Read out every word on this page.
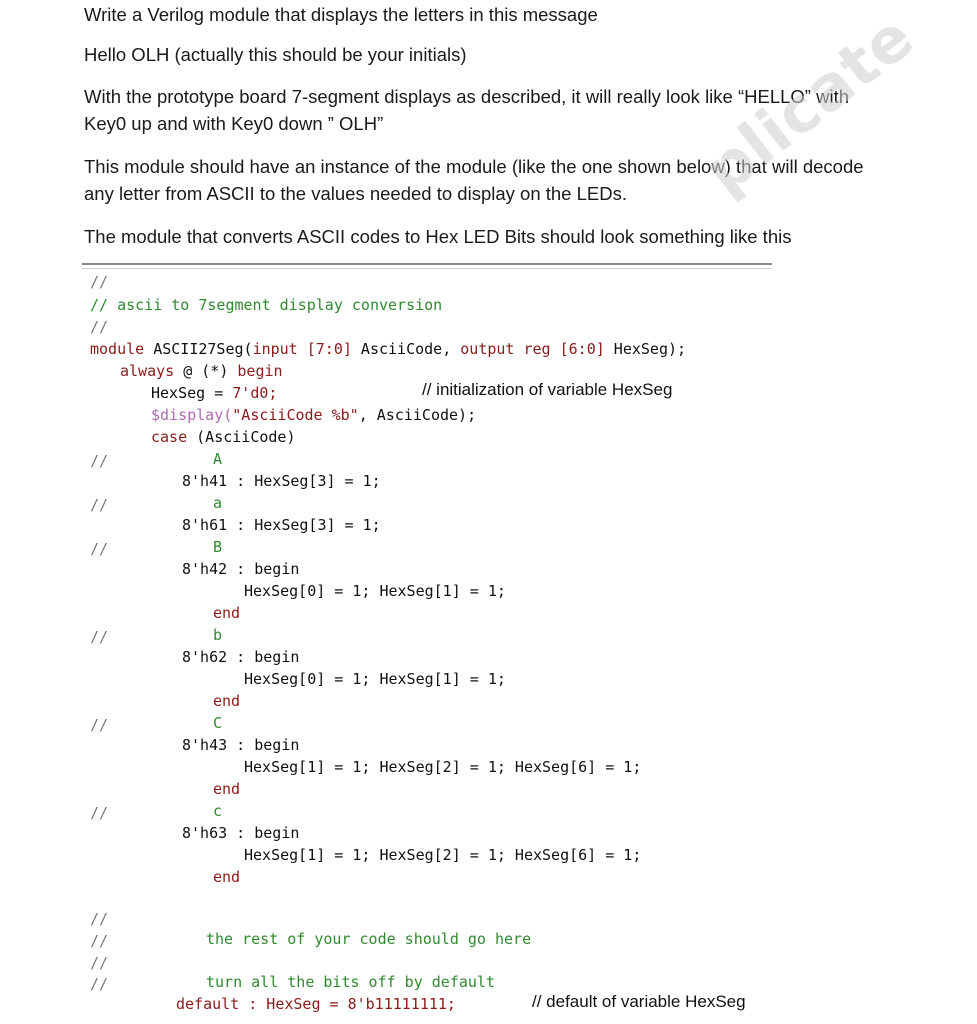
Write a Verilog module that displays the letters in this message

Hello OLH (actually this should be your initials)

With the prototype board 7-segment displays as described, it will really look like “HELLO” with

Key0 up and with Key0 down ” OLH”

This module should have an instance of the module (like the one shown below) that will decode

any letter from ASCII to the values needed to display on the LEDs.

The module that converts ASCII codes to Hex LED Bits should look something like this

plicate
//
// ascii to 7segment display conversion
//
module ASCII27Seg(input [7:0] AsciiCode, output reg [6:0] HexSeg);
always @ (*) begin
HexSeg = 7'd0;	// initialization of variable HexSeg
$display("AsciiCode %b", AsciiCode);
case (AsciiCode)
//	A
8'h41 : HexSeg[3] = 1;
//	a
8'h61 : HexSeg[3] = 1;
//	B
8'h42 : begin
HexSeg[0] = 1; HexSeg[1] = 1;
end
//	b
8'h62 : begin
HexSeg[0] = 1; HexSeg[1] = 1;
end
//	C
8'h43 : begin
HexSeg[1] = 1; HexSeg[2] = 1; HexSeg[6] = 1;
end
//	c
8'h63 : begin
HexSeg[1] = 1; HexSeg[2] = 1; HexSeg[6] = 1;
end
//
//	the rest of your code should go here
//
//	turn all the bits off by default
default : HexSeg = 8'b11111111;	// default of variable HexSeg
